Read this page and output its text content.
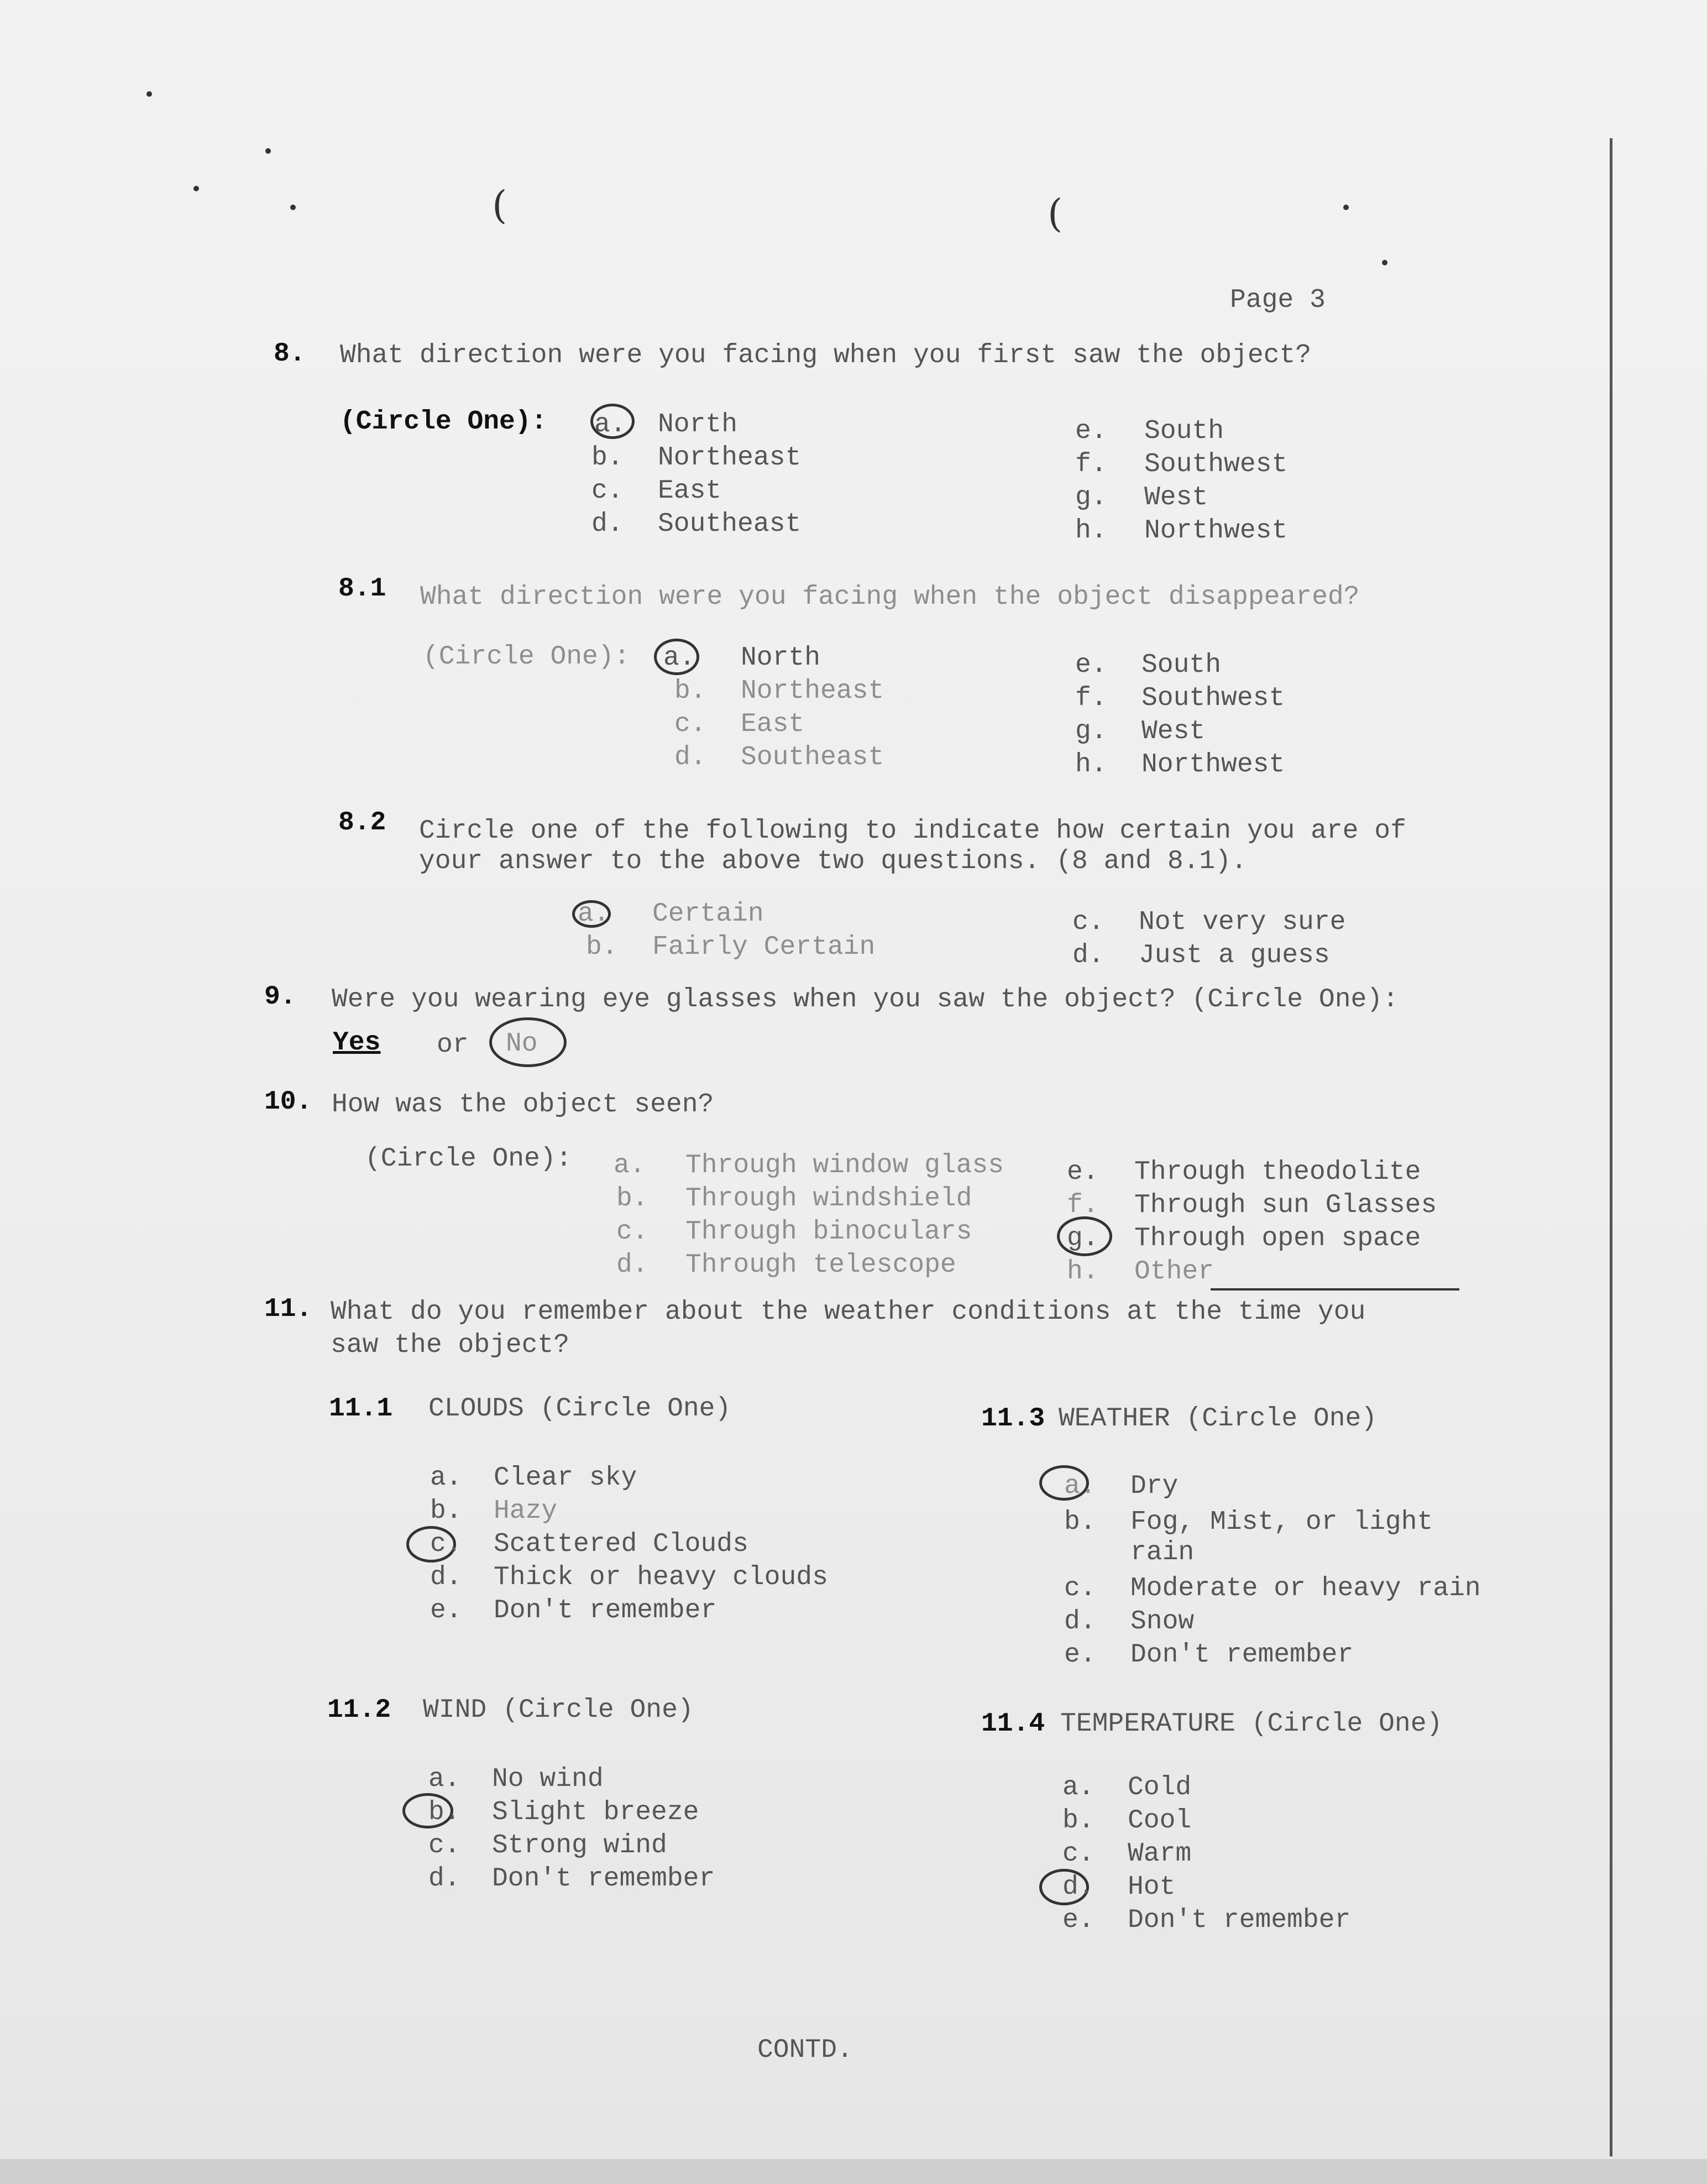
(	(
Page 3
8. What direction were you facing when you first saw the object?
(Circle One): a. North
b. Northeast
c. East
d. Southeast
e. South
f. Southwest
g. West
h. Northwest
8.1 What direction were you facing when the object disappeared?
(Circle One): a. North
b. Northeast
c. East
d. Southeast
e. South
f. Southwest
g. West
h. Northwest
8.2 Circle one of the following to indicate how certain you are of
your answer to the above two questions. (8 and 8.1).
a. Certain
b. Fairly Certain
c. Not very sure
d. Just a guess
9. Were you wearing eye glasses when you saw the object? (Circle One):
Yes or No
10. How was the object seen?
(Circle One): a. Through window glass
b. Through windshield
c. Through binoculars
d. Through telescope
e. Through theodolite
f. Through sun Glasses
g. Through open space
h. Other
11. What do you remember about the weather conditions at the time you
saw the object?
11.1 CLOUDS (Circle One)
a. Clear sky
b. Hazy
c. Scattered Clouds
d. Thick or heavy clouds
e. Don't remember
11.2 WIND (Circle One)
a. No wind
b. Slight breeze
c. Strong wind
d. Don't remember
11.3 WEATHER (Circle One)
a. Dry
b. Fog, Mist, or light
rain
c. Moderate or heavy rain
d. Snow
e. Don't remember
11.4 TEMPERATURE (Circle One)
a. Cold
b. Cool
c. Warm
d. Hot
e. Don't remember
CONTD.
